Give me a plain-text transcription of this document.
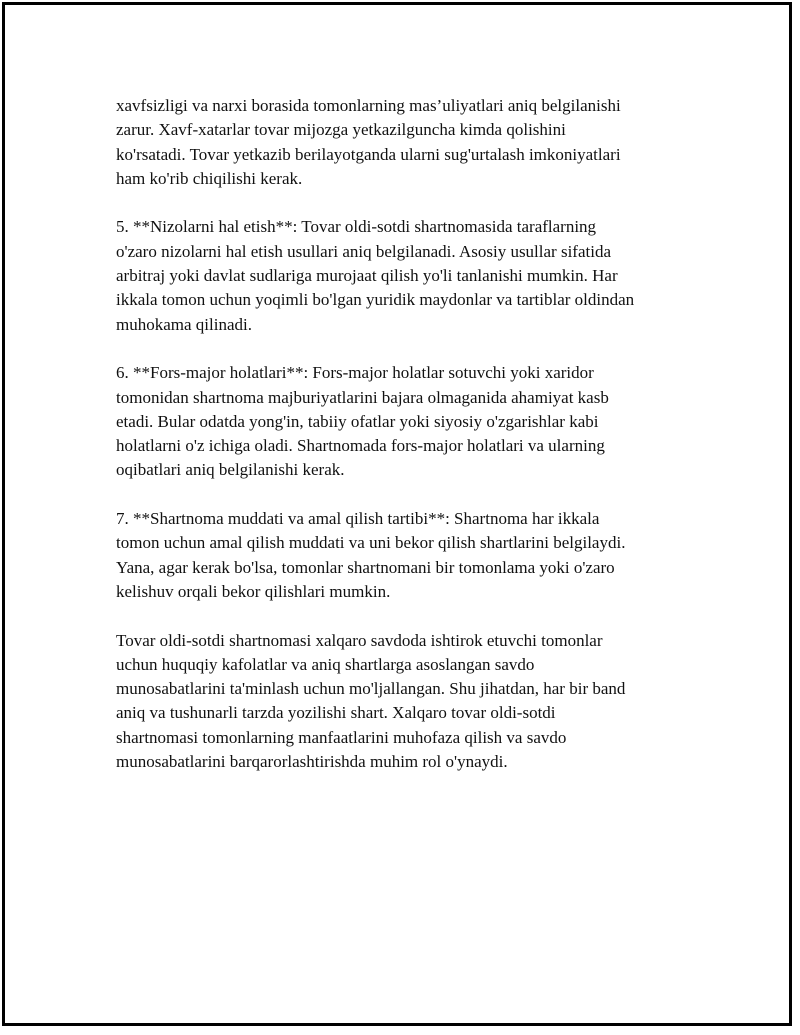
xavfsizligi va narxi borasida tomonlarning mas’uliyatlari aniq belgilanishi
zarur. Xavf-xatarlar tovar mijozga yetkazilguncha kimda qolishini
ko'rsatadi. Tovar yetkazib berilayotganda ularni sug'urtalash imkoniyatlari
ham ko'rib chiqilishi kerak.

5. **Nizolarni hal etish**: Tovar oldi-sotdi shartnomasida taraflarning
o'zaro nizolarni hal etish usullari aniq belgilanadi. Asosiy usullar sifatida
arbitraj yoki davlat sudlariga murojaat qilish yo'li tanlanishi mumkin. Har
ikkala tomon uchun yoqimli bo'lgan yuridik maydonlar va tartiblar oldindan
muhokama qilinadi.

6. **Fors-major holatlari**: Fors-major holatlar sotuvchi yoki xaridor
tomonidan shartnoma majburiyatlarini bajara olmaganida ahamiyat kasb
etadi. Bular odatda yong'in, tabiiy ofatlar yoki siyosiy o'zgarishlar kabi
holatlarni o'z ichiga oladi. Shartnomada fors-major holatlari va ularning
oqibatlari aniq belgilanishi kerak.

7. **Shartnoma muddati va amal qilish tartibi**: Shartnoma har ikkala
tomon uchun amal qilish muddati va uni bekor qilish shartlarini belgilaydi.
Yana, agar kerak bo'lsa, tomonlar shartnomani bir tomonlama yoki o'zaro
kelishuv orqali bekor qilishlari mumkin.

Tovar oldi-sotdi shartnomasi xalqaro savdoda ishtirok etuvchi tomonlar
uchun huquqiy kafolatlar va aniq shartlarga asoslangan savdo
munosabatlarini ta'minlash uchun mo'ljallangan. Shu jihatdan, har bir band
aniq va tushunarli tarzda yozilishi shart. Xalqaro tovar oldi-sotdi
shartnomasi tomonlarning manfaatlarini muhofaza qilish va savdo
munosabatlarini barqarorlashtirishda muhim rol o'ynaydi.
